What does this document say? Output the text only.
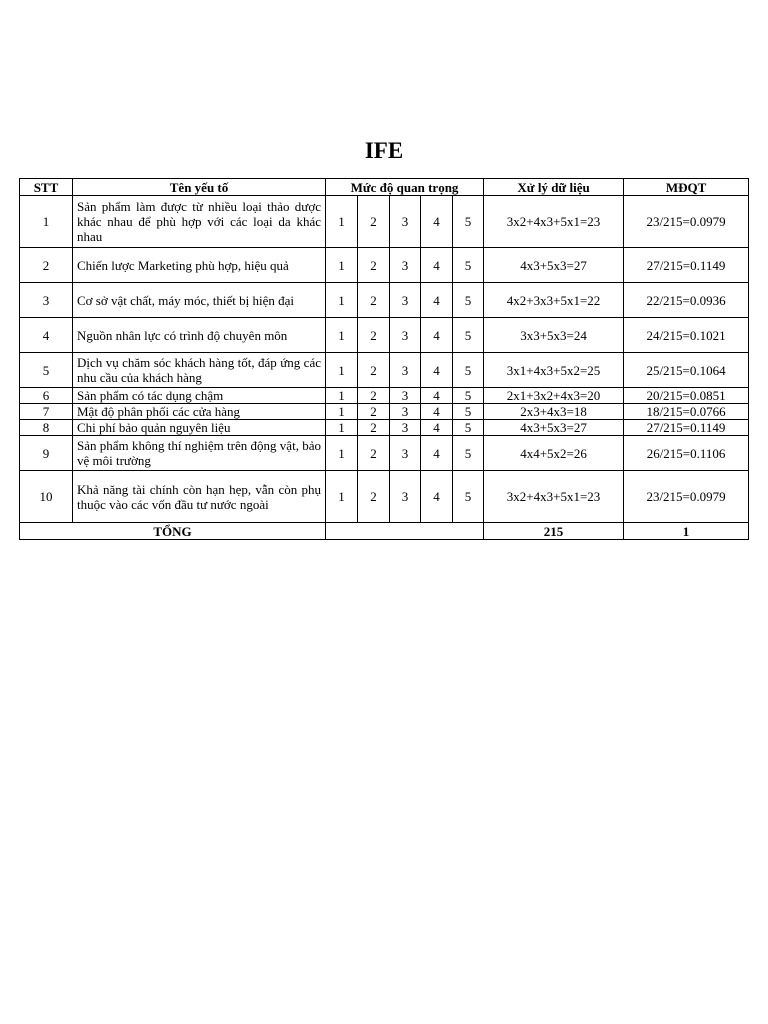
IFE
STT	Tên yếu tố	Mức độ quan trọng					Xử lý dữ liệu	MĐQT
1	Sản phẩm làm được từ nhiều loại thảo dược khác nhau để phù hợp với các loại da khác nhau	1	2	3	4	5	3x2+4x3+5x1=23	23/215=0.0979
2	Chiến lược Marketing phù hợp, hiệu quả	1	2	3	4	5	4x3+5x3=27	27/215=0.1149
3	Cơ sở vật chất, máy móc, thiết bị hiện đại	1	2	3	4	5	4x2+3x3+5x1=22	22/215=0.0936
4	Nguồn nhân lực có trình độ chuyên môn	1	2	3	4	5	3x3+5x3=24	24/215=0.1021
5	Dịch vụ chăm sóc khách hàng tốt, đáp ứng các nhu cầu của khách hàng	1	2	3	4	5	3x1+4x3+5x2=25	25/215=0.1064
6	Sản phẩm có tác dụng chậm	1	2	3	4	5	2x1+3x2+4x3=20	20/215=0.0851
7	Mật độ phân phối các cửa hàng	1	2	3	4	5	2x3+4x3=18	18/215=0.0766
8	Chi phí bảo quản nguyên liệu	1	2	3	4	5	4x3+5x3=27	27/215=0.1149
9	Sản phẩm không thí nghiệm trên động vật, bảo vệ môi trường	1	2	3	4	5	4x4+5x2=26	26/215=0.1106
10	Khả năng tài chính còn hạn hẹp, vẫn còn phụ thuộc vào các vốn đầu tư nước ngoài	1	2	3	4	5	3x2+4x3+5x1=23	23/215=0.0979
TỔNG							215	1
